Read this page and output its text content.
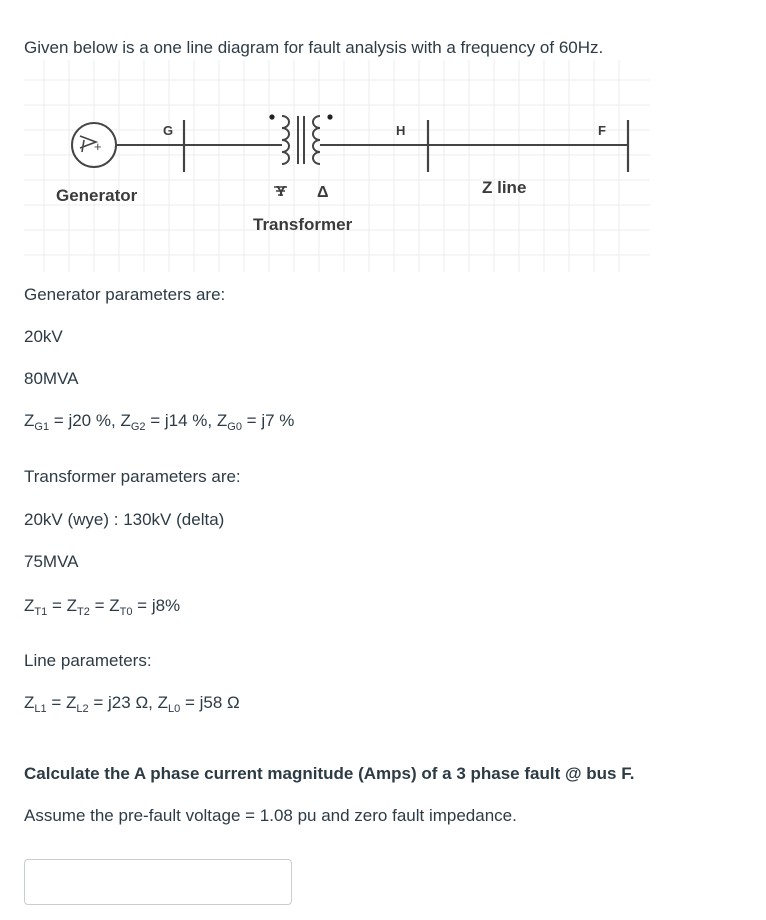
Given below is a one line diagram for fault analysis with a frequency of 60Hz.
+
Y Δ
G	H	F
Generator
Transformer
Z line
Generator parameters are:
20kV
80MVA
$Z_{G1} = j20$ %, $Z_{G2} = j14$ %, $Z_{G0} = j7$ %
Transformer parameters are:
20kV (wye) : 130kV (delta)
75MVA
$Z_{T1} = Z_{T2} = Z_{T0} = j8\%$
Line parameters:
$Z_{L1} = Z_{L2} = j23$ Ω, $Z_{L0} = j58$ Ω
Calculate the A phase current magnitude (Amps) of a 3 phase fault @ bus F.
Assume the pre-fault voltage = 1.08 pu and zero fault impedance.
